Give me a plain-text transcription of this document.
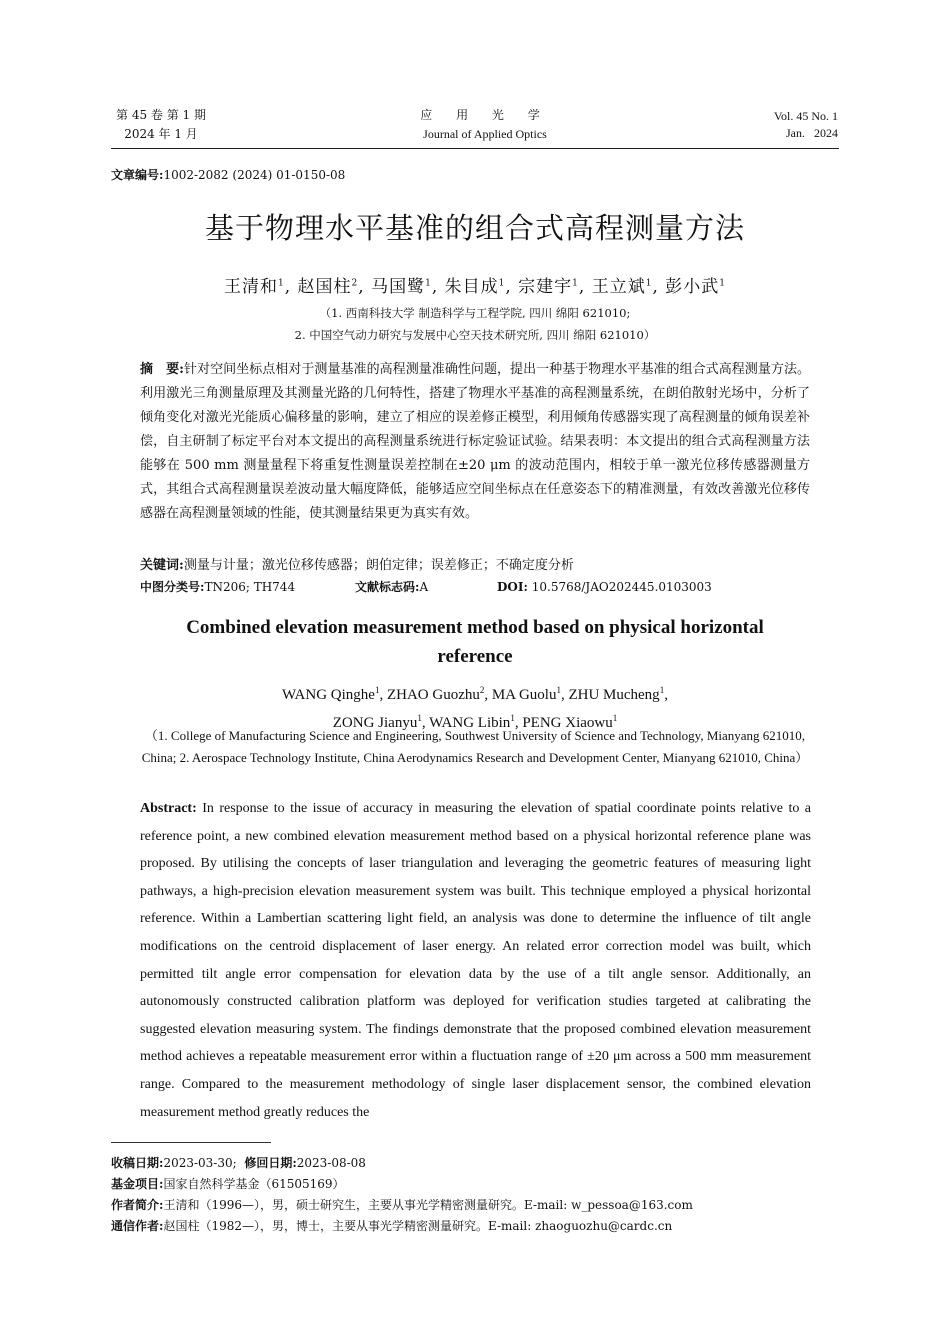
第 45 卷 第 1 期
2024 年 1 月
应 用 光 学
Journal of Applied Optics
Vol. 45 No. 1
Jan.   2024
文章编号:1002-2082 (2024) 01-0150-08
基于物理水平基准的组合式高程测量方法
王清和$^1$, 赵国柱$^2$, 马国鹭$^1$, 朱目成$^1$, 宗建宇$^1$, 王立斌$^1$, 彭小武$^1$
（1. 西南科技大学 制造科学与工程学院, 四川 绵阳 621010;
2. 中国空气动力研究与发展中心空天技术研究所, 四川 绵阳 621010）
摘　要:针对空间坐标点相对于测量基准的高程测量准确性问题，提出一种基于物理水平基准的组合式高程测量方法。利用激光三角测量原理及其测量光路的几何特性，搭建了物理水平基准的高程测量系统，在朗伯散射光场中，分析了倾角变化对激光光能质心偏移量的影响，建立了相应的误差修正模型，利用倾角传感器实现了高程测量的倾角误差补偿，自主研制了标定平台对本文提出的高程测量系统进行标定验证试验。结果表明：本文提出的组合式高程测量方法能够在 500 mm 测量量程下将重复性测量误差控制在±20 μm 的波动范围内，相较于单一激光位移传感器测量方式，其组合式高程测量误差波动量大幅度降低，能够适应空间坐标点在任意姿态下的精准测量，有效改善激光位移传感器在高程测量领域的性能，使其测量结果更为真实有效。
关键词:测量与计量；激光位移传感器；朗伯定律；误差修正；不确定度分析
中图分类号:TN206; TH744	文献标志码:A	DOI: 10.5768/JAO202445.0103003
Combined elevation measurement method based on physical horizontal reference
WANG Qinghe$^1$, ZHAO Guozhu$^2$, MA Guolu$^1$, ZHU Mucheng$^1$,
ZONG Jianyu$^1$, WANG Libin$^1$, PENG Xiaowu$^1$
（1. College of Manufacturing Science and Engineering, Southwest University of Science and Technology, Mianyang 621010, China; 2. Aerospace Technology Institute, China Aerodynamics Research and Development Center, Mianyang 621010, China）
Abstract: In response to the issue of accuracy in measuring the elevation of spatial coordinate points relative to a reference point, a new combined elevation measurement method based on a physical horizontal reference plane was proposed. By utilising the concepts of laser triangulation and leveraging the geometric features of measuring light pathways, a high-precision elevation measurement system was built. This technique employed a physical horizontal reference. Within a Lambertian scattering light field, an analysis was done to determine the influence of tilt angle modifications on the centroid displacement of laser energy. An related error correction model was built, which permitted tilt angle error compensation for elevation data by the use of a tilt angle sensor. Additionally, an autonomously constructed calibration platform was deployed for verification studies targeted at calibrating the suggested elevation measuring system. The findings demonstrate that the proposed combined elevation measurement method achieves a repeatable measurement error within a fluctuation range of ±20 μm across a 500 mm measurement range. Compared to the measurement methodology of single laser displacement sensor, the combined elevation measurement method greatly reduces the
收稿日期:2023-03-30; 修回日期:2023-08-08
基金项目:国家自然科学基金（61505169）
作者简介:王清和（1996—），男，硕士研究生，主要从事光学精密测量研究。E-mail: w_pessoa@163.com
通信作者:赵国柱（1982—），男，博士，主要从事光学精密测量研究。E-mail: zhaoguozhu@cardc.cn
